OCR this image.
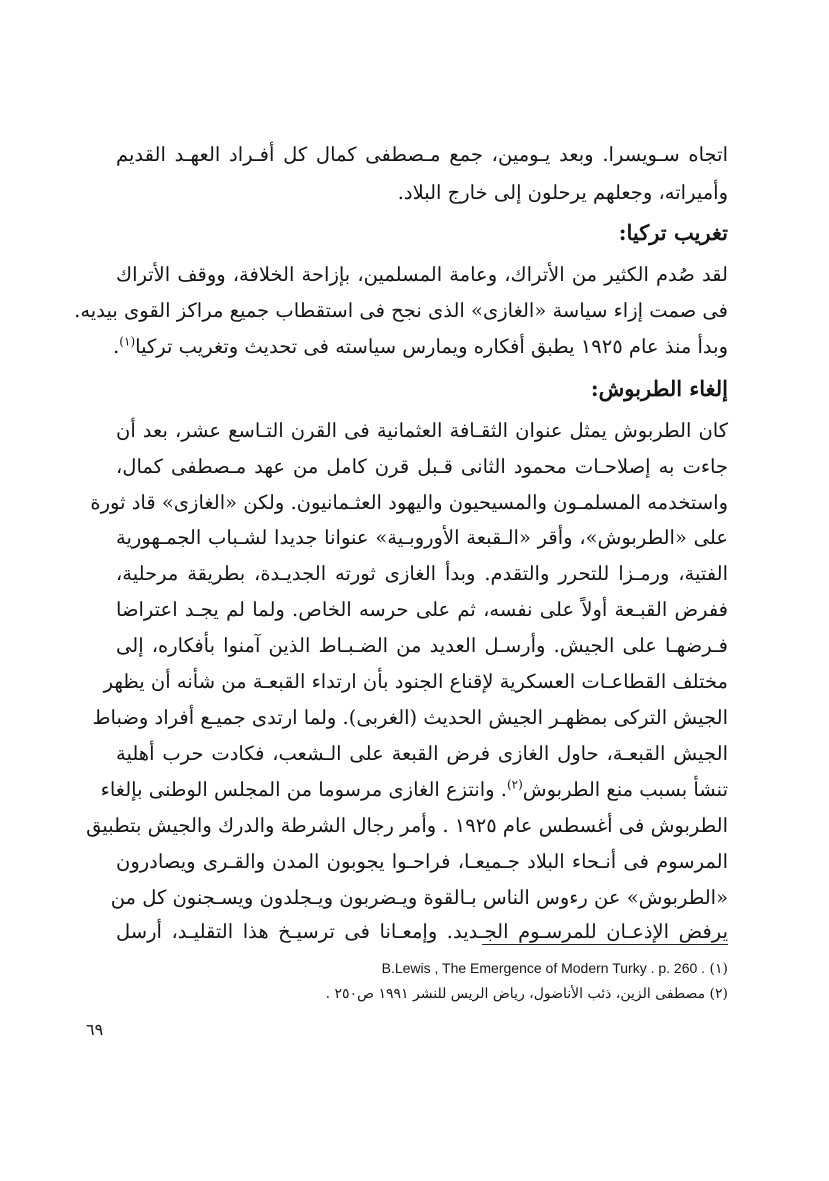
اتجاه سـويسرا. وبعد يـومين، جمع مـصطفى كمال كل أفـراد العهـد القديم
وأميراته، وجعلهم يرحلون إلى خارج البلاد.
تغريب تركيا:
لقد صُدم الكثير من الأتراك، وعامة المسلمين، بإزاحة الخلافة، ووقف الأتراك
فى صمت إزاء سياسة «الغازى» الذى نجح فى استقطاب جميع مراكز القوى بيديه.
وبدأ منذ عام ١٩٢٥ يطبق أفكاره ويمارس سياسته فى تحديث وتغريب تركيا$^{(١)}$.
إلغاء الطربوش:
كان الطربوش يمثل عنوان الثقـافة العثمانية فى القرن التـاسع عشر، بعد أن
جاءت به إصلاحـات محمود الثانى قـبل قرن كامل من عهد مـصطفى كمال،
واستخدمه المسلمـون والمسيحيون واليهود العثـمانيون. ولكن «الغازى» قاد ثورة
على «الطربوش»، وأقر «الـقبعة الأوروبـية» عنوانا جديدا لشـباب الجمـهورية
الفتية، ورمـزا للتحرر والتقدم. وبدأ الغازى ثورته الجديـدة، بطريقة مرحلية،
ففرض القبـعة أولاً على نفسه، ثم على حرسه الخاص. ولما لم يجـد اعتراضا
فـرضهـا على الجيش. وأرسـل العديد من الضـبـاط الذين آمنوا بأفكاره، إلى
مختلف القطاعـات العسكرية لإقناع الجنود بأن ارتداء القبعـة من شأنه أن يظهر
الجيش التركى بمظهـر الجيش الحديث (الغربى). ولما ارتدى جميـع أفراد وضباط
الجيش القبعـة، حاول الغازى فرض القبعة على الـشعب، فكادت حرب أهلية
تنشأ بسبب منع الطربوش$^{(٢)}$. وانتزع الغازى مرسوما من المجلس الوطنى بإلغاء
الطربوش فى أغسطس عام ١٩٢٥ . وأمر رجال الشرطة والدرك والجيش بتطبيق
المرسوم فى أنـحاء البلاد جـميعـا، فراحـوا يجوبون المدن والقـرى ويصادرون
«الطربوش» عن رءوس الناس بـالقوة ويـضربون ويـجلدون ويسـجنون كل من
يرفض الإذعـان للمرسـوم الجـديد. وإمعـانا فى ترسيـخ هذا التقليـد، أرسل
(١) B.Lewis , The Emergence of Modern Turky . p. 260 .
(٢) مصطفى الزين، ذئب الأناضول، رياض الريس للنشر ١٩٩١ ص٢٥٠ .
٦٩
